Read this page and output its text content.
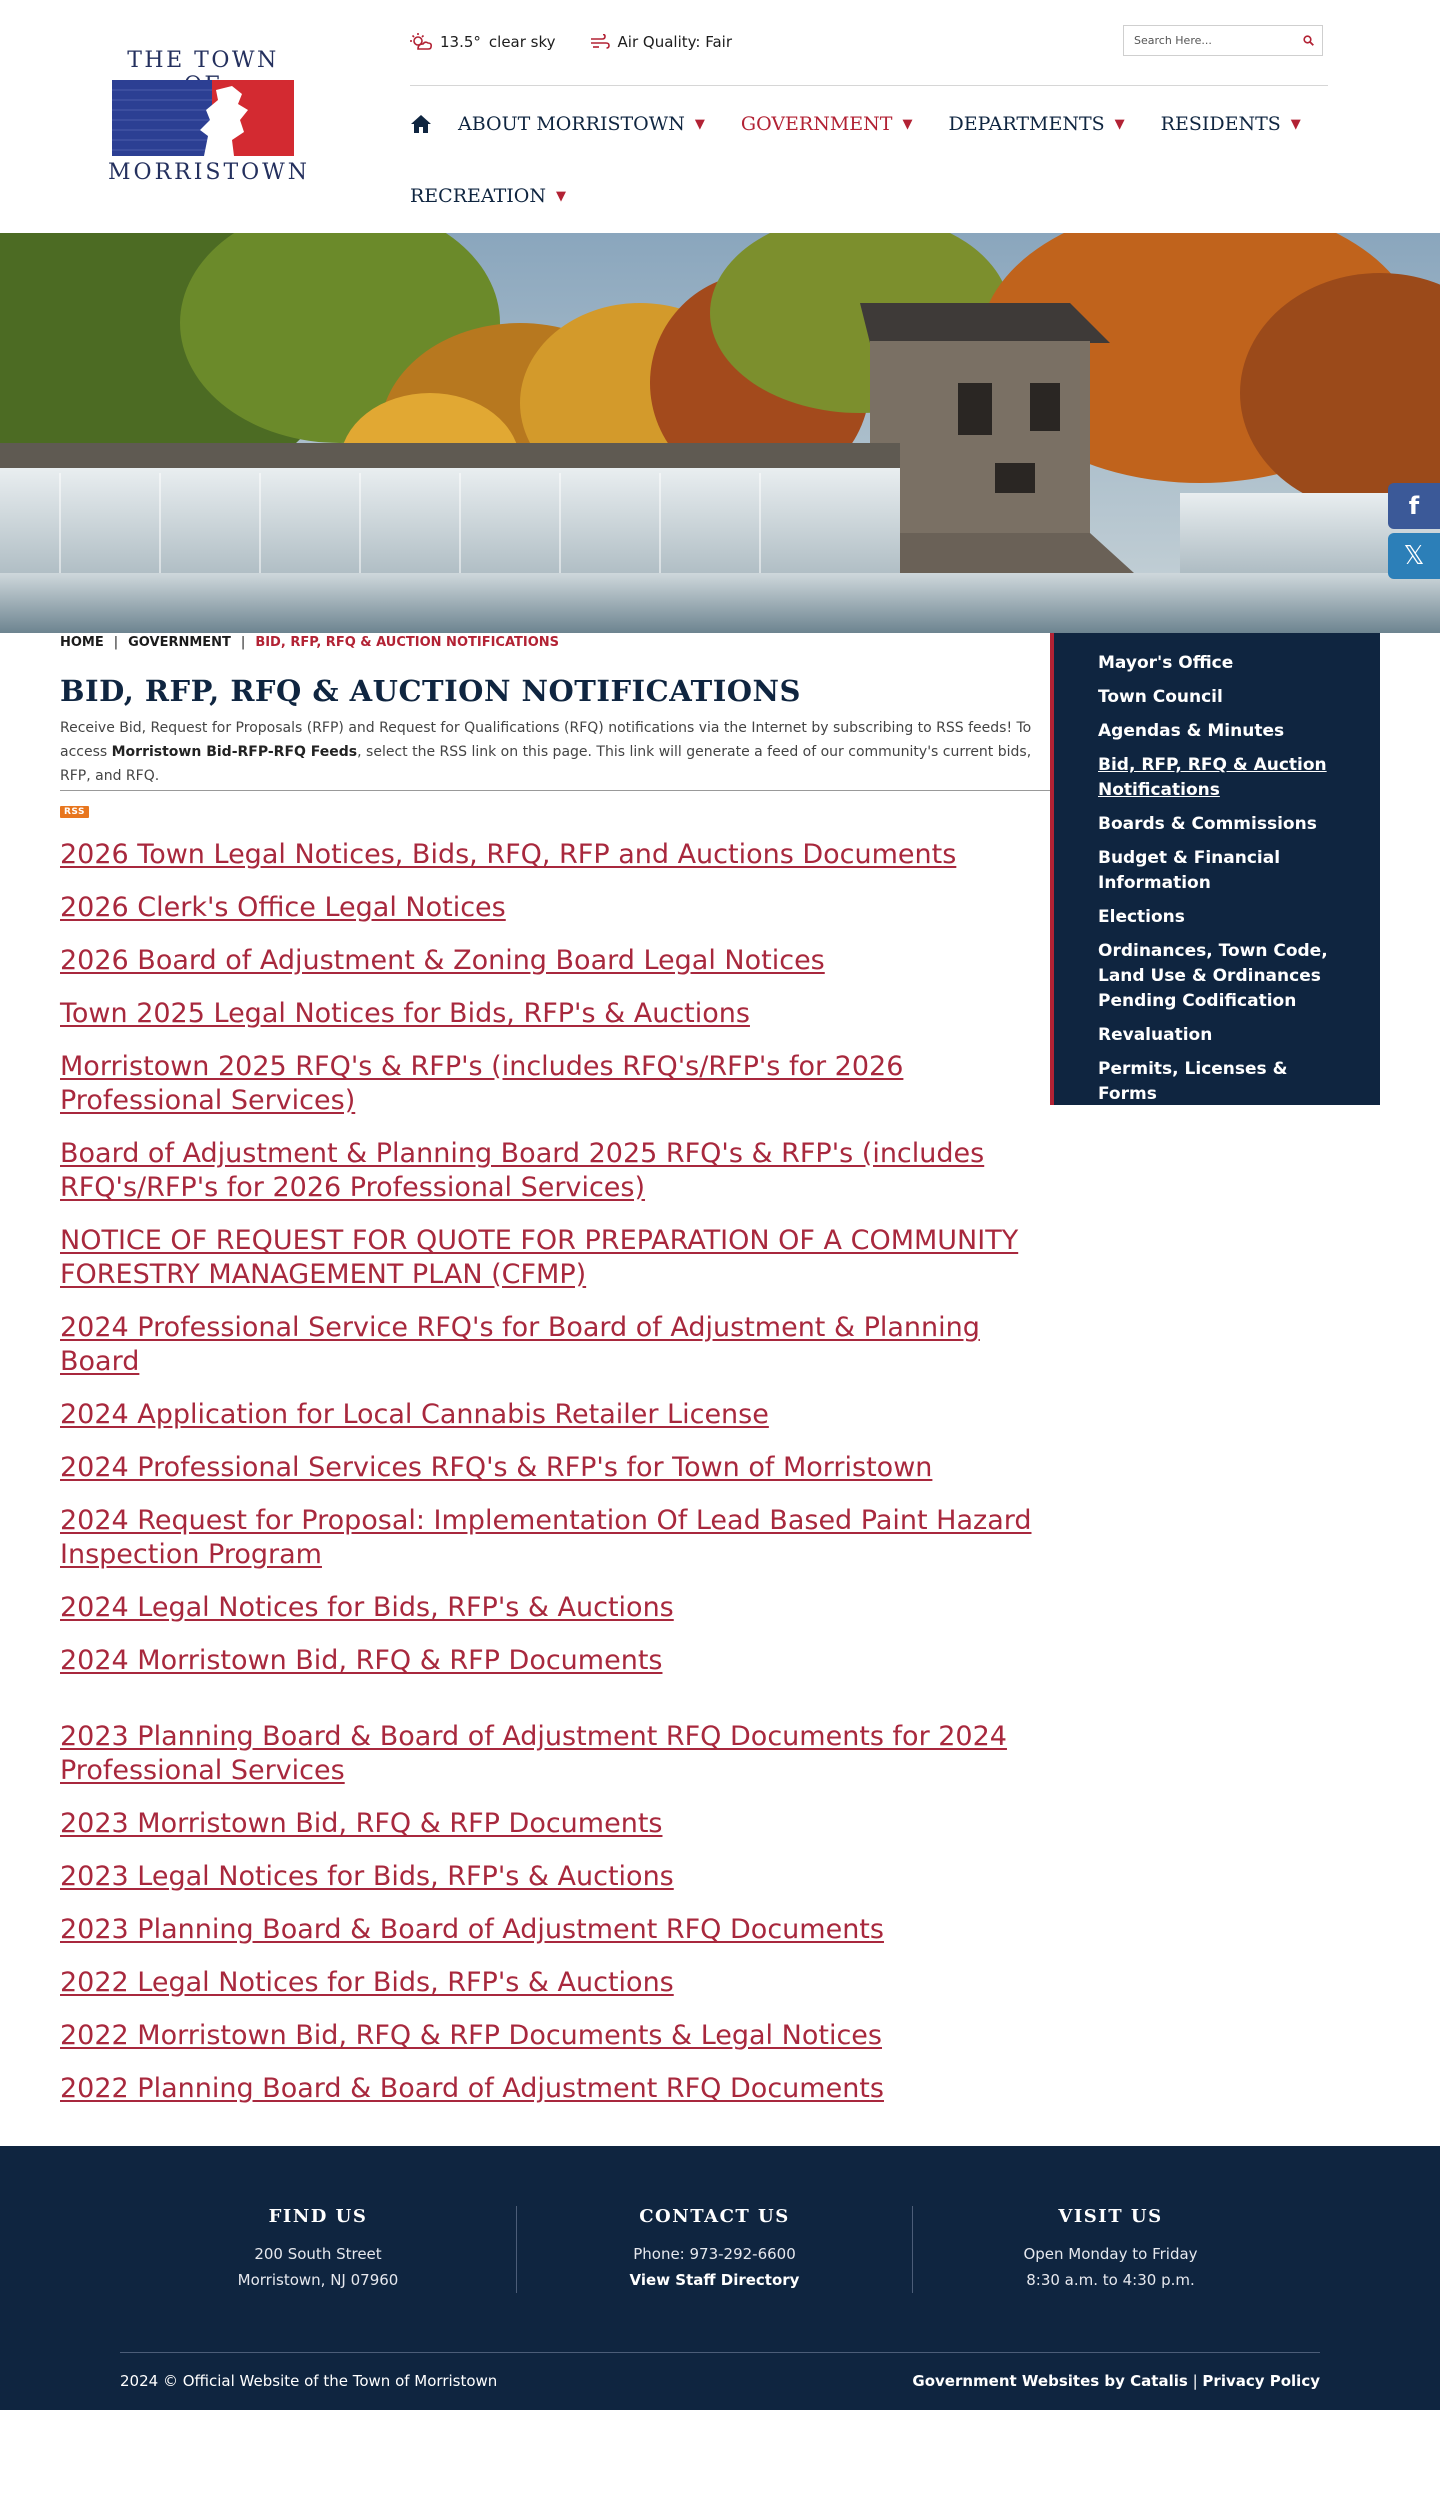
THE TOWN
MORRISTOWN
13.5° clear sky	Air Quality: Fair
Search Here...
ABOUT MORRISTOWN ▼ GOVERNMENT ▼ DEPARTMENTS ▼ RESIDENTS ▼
RECREATION ▼
f
𝕏
HOME | GOVERNMENT | BID, RFP, RFQ & AUCTION NOTIFICATIONS
BID, RFP, RFQ & AUCTION NOTIFICATIONS

Receive Bid, Request for Proposals (RFP) and Request for Qualifications (RFQ) notifications via the Internet by subscribing to RSS feeds! To access Morristown Bid-RFP-RFQ Feeds, select the RSS link on this page. This link will generate a feed of our community's current bids, RFP, and RFQ.

RSS
2026 Town Legal Notices, Bids, RFQ, RFP and Auctions Documents
2026 Clerk's Office Legal Notices
2026 Board of Adjustment & Zoning Board Legal Notices
Town 2025 Legal Notices for Bids, RFP's & Auctions
Morristown 2025 RFQ's & RFP's (includes RFQ's/RFP's for 2026 Professional Services)
Board of Adjustment & Planning Board 2025 RFQ's & RFP's (includes RFQ's/RFP's for 2026 Professional Services)
NOTICE OF REQUEST FOR QUOTE FOR PREPARATION OF A COMMUNITY FORESTRY MANAGEMENT PLAN (CFMP)
2024 Professional Service RFQ's for Board of Adjustment & Planning Board
2024 Application for Local Cannabis Retailer License
2024 Professional Services RFQ's & RFP's for Town of Morristown
2024 Request for Proposal: Implementation Of Lead Based Paint Hazard Inspection Program
2024 Legal Notices for Bids, RFP's & Auctions
2024 Morristown Bid, RFQ & RFP Documents
2023 Planning Board & Board of Adjustment RFQ Documents for 2024 Professional Services
2023 Morristown Bid, RFQ & RFP Documents
2023 Legal Notices for Bids, RFP's & Auctions
2023 Planning Board & Board of Adjustment RFQ Documents
2022 Legal Notices for Bids, RFP's & Auctions
2022 Morristown Bid, RFQ & RFP Documents & Legal Notices
2022 Planning Board & Board of Adjustment RFQ Documents
Mayor's Office
Town Council
Agendas & Minutes
Bid, RFP, RFQ & Auction Notifications
Boards & Commissions
Budget & Financial Information
Elections
Ordinances, Town Code, Land Use & Ordinances Pending Codification
Revaluation
Permits, Licenses & Forms
FIND US

200 South Street

Morristown, NJ 07960

CONTACT US

Phone: 973-292-6600

View Staff Directory

VISIT US

Open Monday to Friday

8:30 a.m. to 4:30 p.m.

2024 © Official Website of the Town of Morristown	Government Websites by Catalis | Privacy Policy
